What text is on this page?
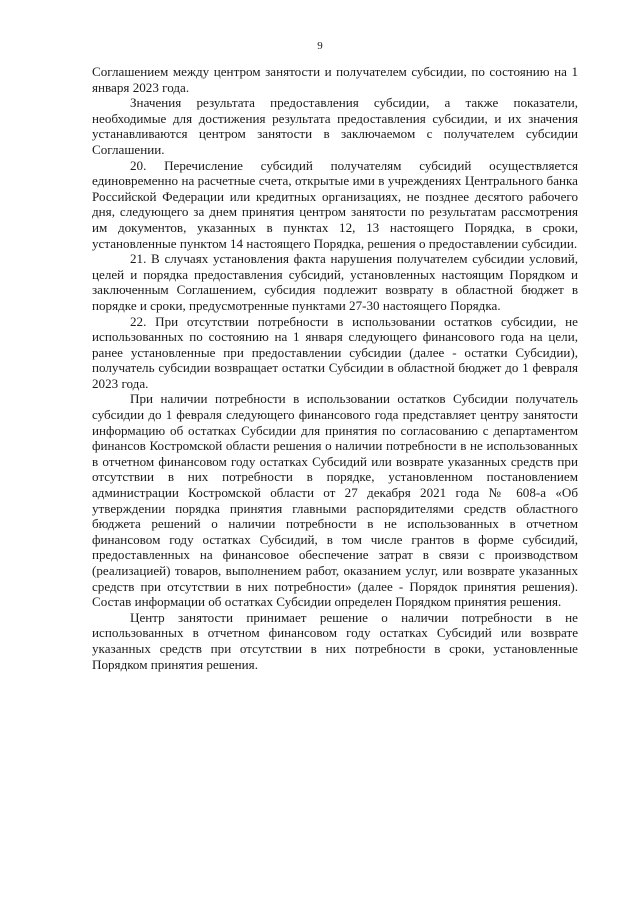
9

Соглашением между центром занятости и получателем субсидии, по состоянию на 1 января 2023 года.

Значения результата предоставления субсидии, а также показатели, необходимые для достижения результата предоставления субсидии, и их значения устанавливаются центром занятости в заключаемом с получателем субсидии Соглашении.

20. Перечисление субсидий получателям субсидий осуществляется единовременно на расчетные счета, открытые ими в учреждениях Центрального банка Российской Федерации или кредитных организациях, не позднее десятого рабочего дня, следующего за днем принятия центром занятости по результатам рассмотрения им документов, указанных в пунктах 12, 13 настоящего Порядка, в сроки, установленные пунктом 14 настоящего Порядка, решения о предоставлении субсидии.

21. В случаях установления факта нарушения получателем субсидии условий, целей и порядка предоставления субсидий, установленных настоящим Порядком и заключенным Соглашением, субсидия подлежит возврату в областной бюджет в порядке и сроки, предусмотренные пунктами 27-30 настоящего Порядка.

22. При отсутствии потребности в использовании остатков субсидии, не использованных по состоянию на 1 января следующего финансового года на цели, ранее установленные при предоставлении субсидии (далее - остатки Субсидии), получатель субсидии возвращает остатки Субсидии в областной бюджет до 1 февраля 2023 года.

При наличии потребности в использовании остатков Субсидии получатель субсидии до 1 февраля следующего финансового года представляет центру занятости информацию об остатках Субсидии для принятия по согласованию с департаментом финансов Костромской области решения о наличии потребности в не использованных в отчетном финансовом году остатках Субсидий или возврате указанных средств при отсутствии в них потребности в порядке, установленном постановлением администрации Костромской области от 27 декабря 2021 года № 608-а «Об утверждении порядка принятия главными распорядителями средств областного бюджета решений о наличии потребности в не использованных в отчетном финансовом году остатках Субсидий, в том числе грантов в форме субсидий, предоставленных на финансовое обеспечение затрат в связи с производством (реализацией) товаров, выполнением работ, оказанием услуг, или возврате указанных средств при отсутствии в них потребности» (далее - Порядок принятия решения). Состав информации об остатках Субсидии определен Порядком принятия решения.

Центр занятости принимает решение о наличии потребности в не использованных в отчетном финансовом году остатках Субсидий или возврате указанных средств при отсутствии в них потребности в сроки, установленные Порядком принятия решения.
